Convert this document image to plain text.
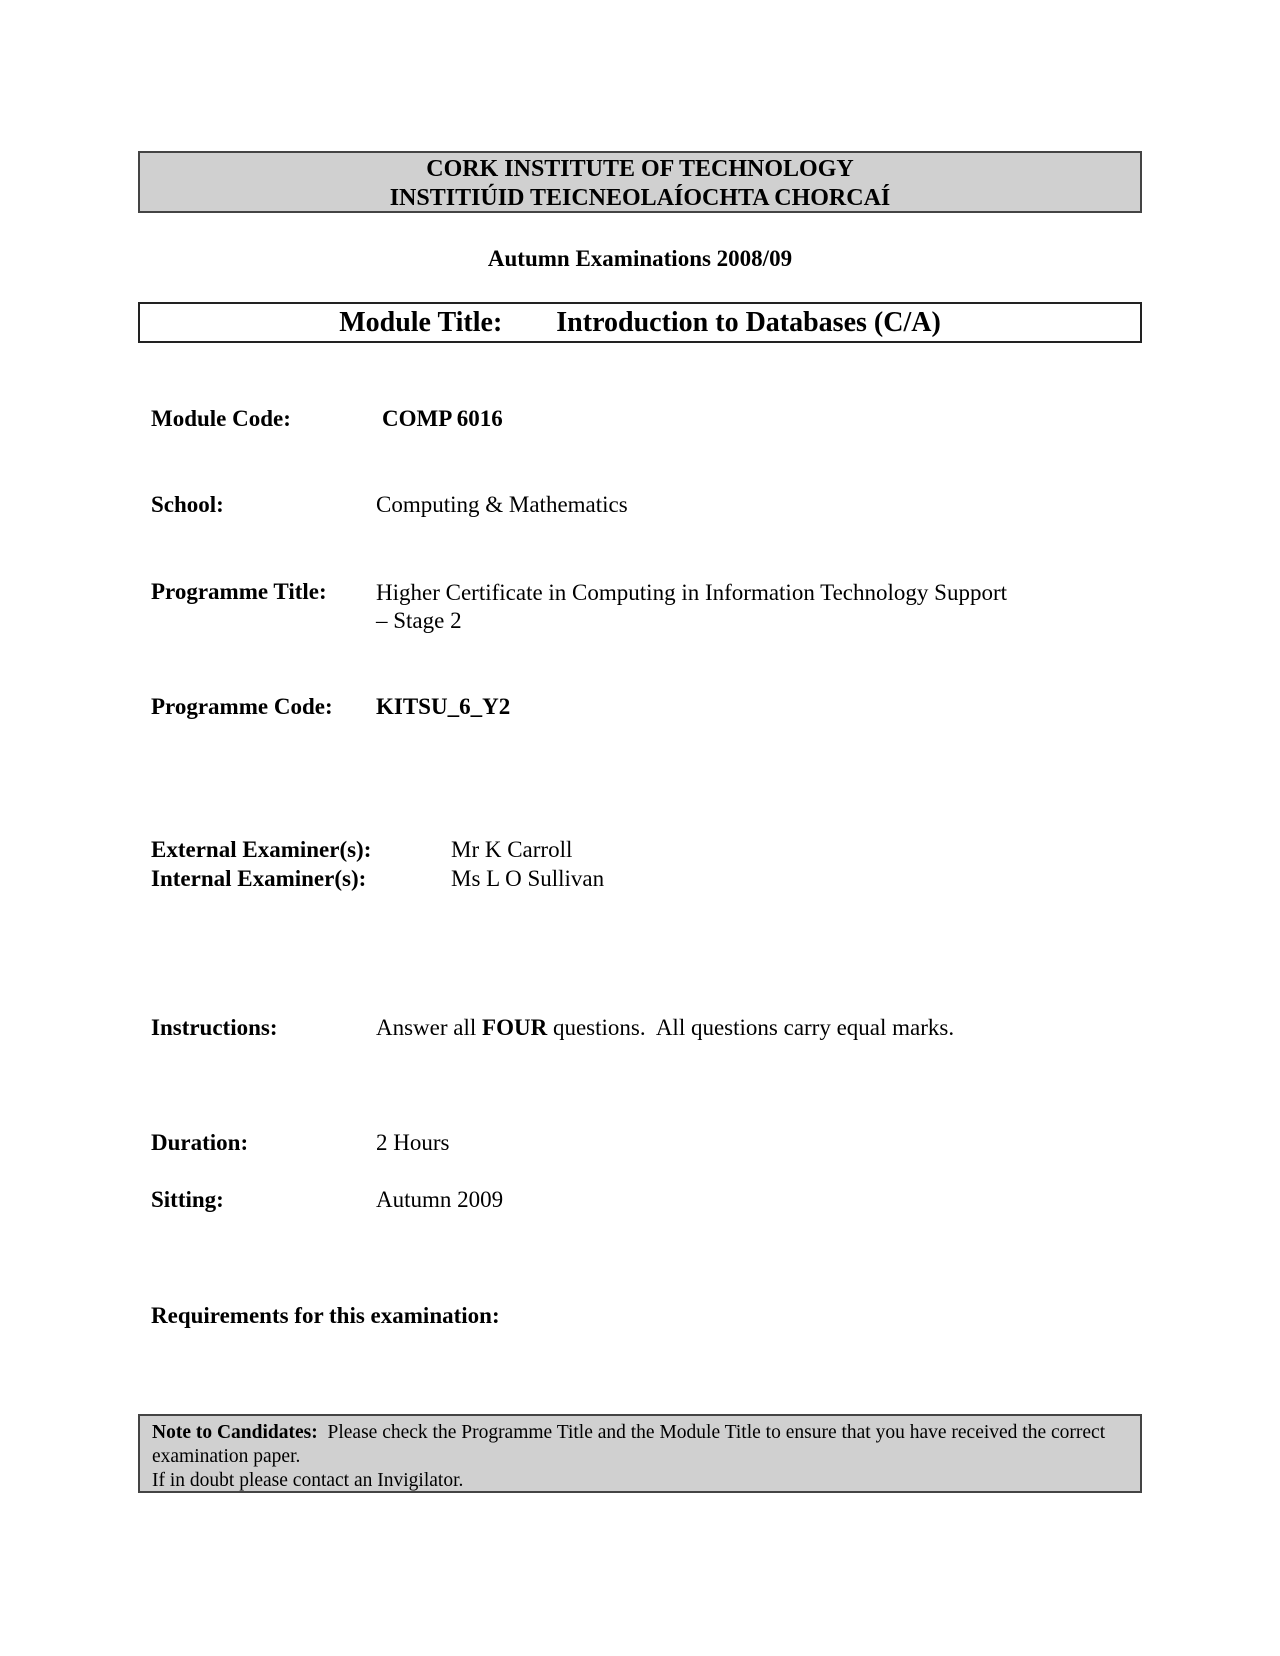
CORK INSTITUTE OF TECHNOLOGY
INSTITIÚID TEICNEOLAÍOCHTA CHORCAÍ
Autumn Examinations 2008/09
Module Title: Introduction to Databases (C/A)
Module Code:	COMP 6016
School:	Computing & Mathematics
Programme Title: Higher Certificate in Computing in Information Technology Support
– Stage 2
Programme Code: KITSU_6_Y2
External Examiner(s):	Mr K Carroll
Internal Examiner(s):	Ms L O Sullivan
Instructions:	Answer all FOUR questions.  All questions carry equal marks.
Duration:	2 Hours
Sitting:	Autumn 2009
Requirements for this examination:
Note to Candidates:  Please check the Programme Title and the Module Title to ensure that you have received the correct examination paper.
If in doubt please contact an Invigilator.
